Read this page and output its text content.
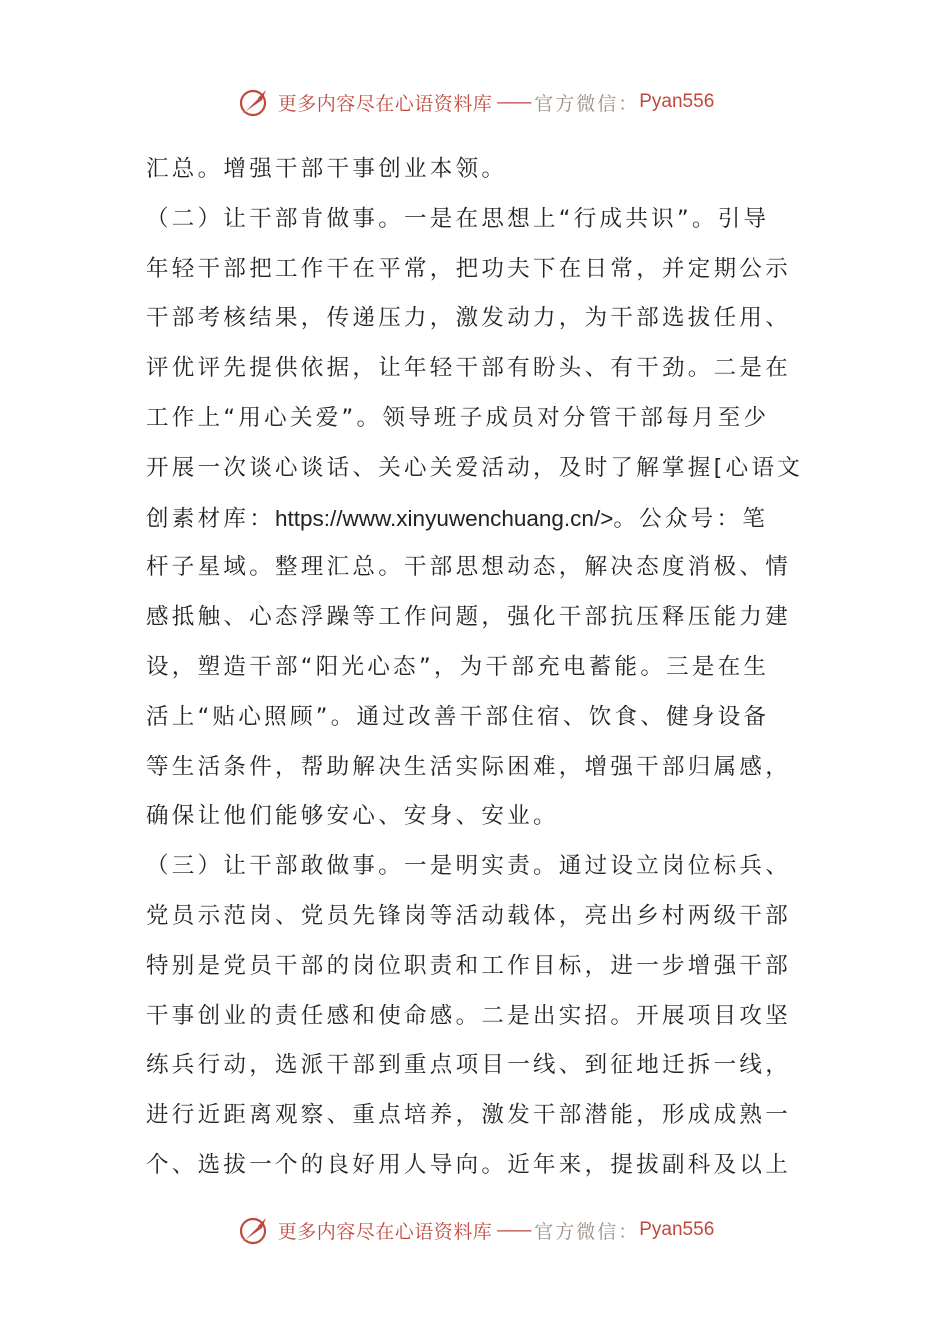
更多内容尽在心语资料库 —— 官方微信： Pyan556
汇总。增强干部干事创业本领。
（二）让干部肯做事。一是在思想上“行成共识”。引导
年轻干部把工作干在平常，把功夫下在日常，并定期公示
干部考核结果，传递压力，激发动力，为干部选拔任用、
评优评先提供依据，让年轻干部有盼头、有干劲。二是在
工作上“用心关爱”。领导班子成员对分管干部每月至少
开展一次谈心谈话、关心关爱活动，及时了解掌握[心语文
创素材库：https://www.xinyuwenchuang.cn/>。公众号：笔
杆子星域。整理汇总。干部思想动态，解决态度消极、情
感抵触、心态浮躁等工作问题，强化干部抗压释压能力建
设，塑造干部“阳光心态”，为干部充电蓄能。三是在生
活上“贴心照顾”。通过改善干部住宿、饮食、健身设备
等生活条件，帮助解决生活实际困难，增强干部归属感，
确保让他们能够安心、安身、安业。
（三）让干部敢做事。一是明实责。通过设立岗位标兵、
党员示范岗、党员先锋岗等活动载体，亮出乡村两级干部
特别是党员干部的岗位职责和工作目标，进一步增强干部
干事创业的责任感和使命感。二是出实招。开展项目攻坚
练兵行动，选派干部到重点项目一线、到征地迁拆一线，
进行近距离观察、重点培养，激发干部潜能，形成成熟一
个、选拔一个的良好用人导向。近年来，提拔副科及以上
更多内容尽在心语资料库 —— 官方微信： Pyan556
